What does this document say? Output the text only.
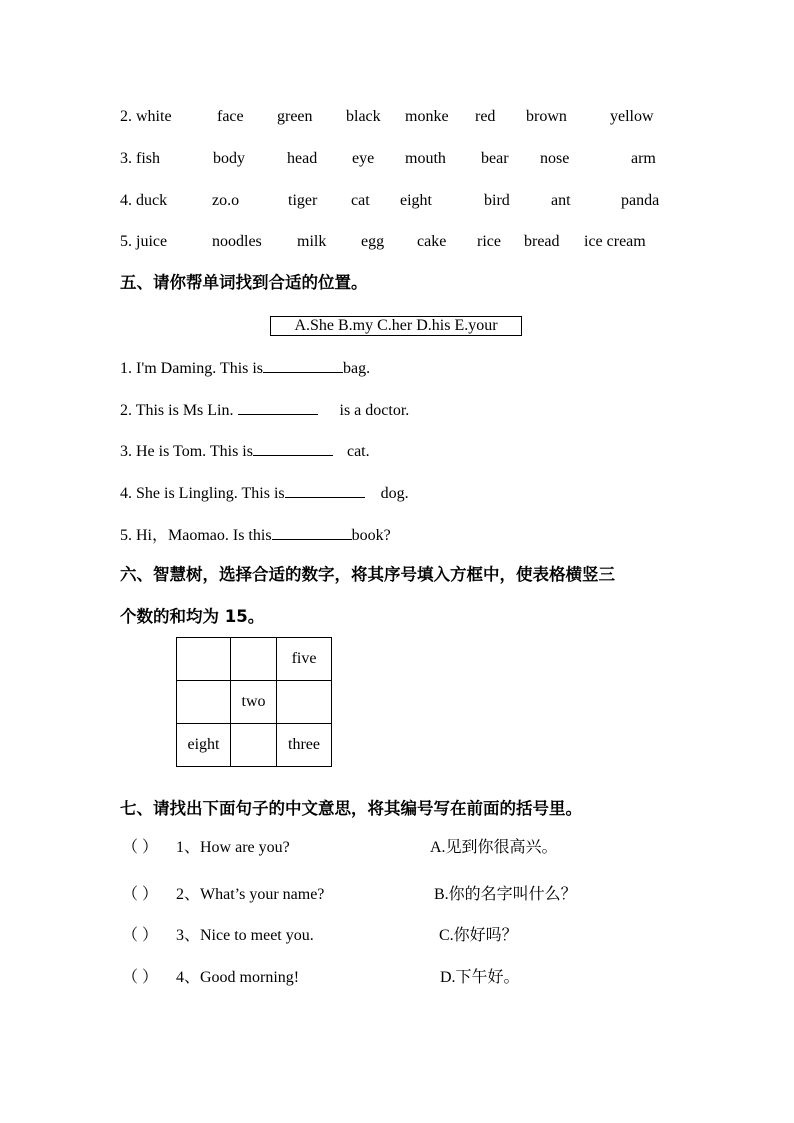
2. white	face green black monke red brown	yellow
3. fish	body	head eye mouth bear nose	arm
4. duck	zo.o	tiger cat eight	bird	ant	panda
5. juice	noodles milk egg cake rice bread ice cream
五、请你帮单词找到合适的位置。
A.She B.my C.her D.his E.your
1. I'm Daming. This is	bag.
2. This is Ms Lin.	is a doctor.
3. He is Tom. This is	cat.
4. She is Lingling. This is	dog.
5. Hi，Maomao. Is this	book?
六、智慧树，选择合适的数字，将其序号填入方框中，使表格横竖三
个数的和均为 15。
		five
	two	
eight		three
七、请找出下面句子的中文意思，将其编号写在前面的括号里。
（ ） 1、How are you?	A.见到你很高兴。
（ ） 2、What’s your name?	B.你的名字叫什么？
（ ） 3、Nice to meet you.	C.你好吗？
（ ） 4、Good morning!	D.下午好。
